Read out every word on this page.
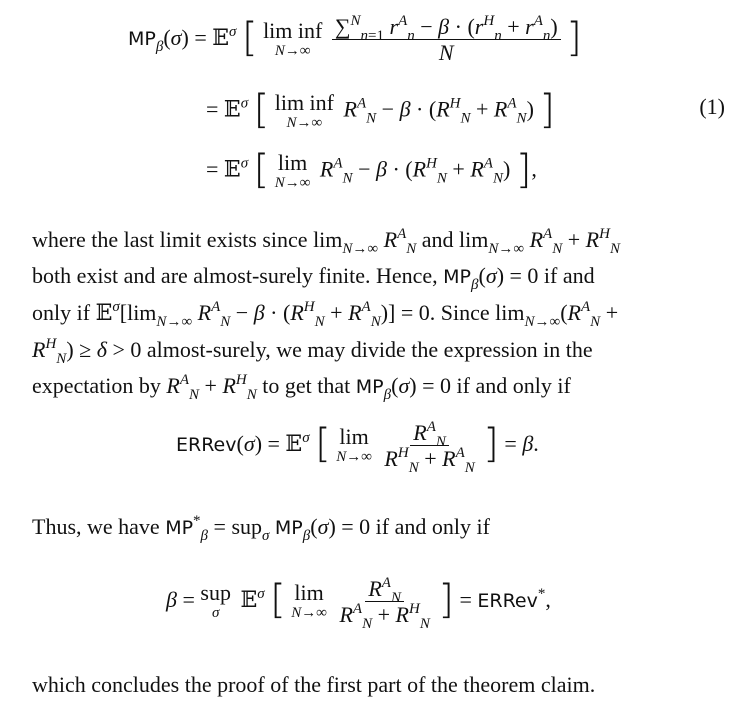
$MP_\beta(\sigma)$ = 𝔼$^\sigma$ [ lim inf
N→∞
$\frac{\sum^N_{n=1} r^A_n - \beta \cdot (r^H_n + r^A_n)}{N}$ ]
= 𝔼$^\sigma$ [ lim inf
N→∞
$R^A_N - \beta \cdot (R^H_N + R^A_N)$ ]	(1)
= 𝔼$^\sigma$ [ lim
N→∞
$R^A_N - \beta \cdot (R^H_N + R^A_N)$ ],
where the last limit exists since $\lim_{N\to\infty} R^A_N$ and $\lim_{N\to\infty} R^A_N + R^H_N$
both exist and are almost-surely finite. Hence, $MP_\beta(\sigma) = 0$ if and
only if $𝔼^\sigma[\lim_{N\to\infty}$ $R^A_N - \beta \cdot (R^H_N + R^A_N)] = 0$. Since $\lim_{N\to\infty}(R^A_N$ +
$R^H_N) \ge \delta > 0$ almost-surely, we may divide the expression in the
expectation by $R^A_N + R^H_N$ to get that $MP_\beta(\sigma) = 0$ if and only if
ERRev(σ) = 𝔼$^\sigma$ [ lim
N→∞
$\frac{R^A_N}{R^H_N + R^A_N}$ ] = β.
Thus, we have $MP^*_\beta = sup_\sigma$ $MP_\beta(\sigma) = 0$ if and only if
β = sup
σ
𝔼$^\sigma$ [ lim
N→∞
$\frac{R^A_N}{R^A_N + R^H_N}$ ] = ERRev*,
which concludes the proof of the first part of the theorem claim.
